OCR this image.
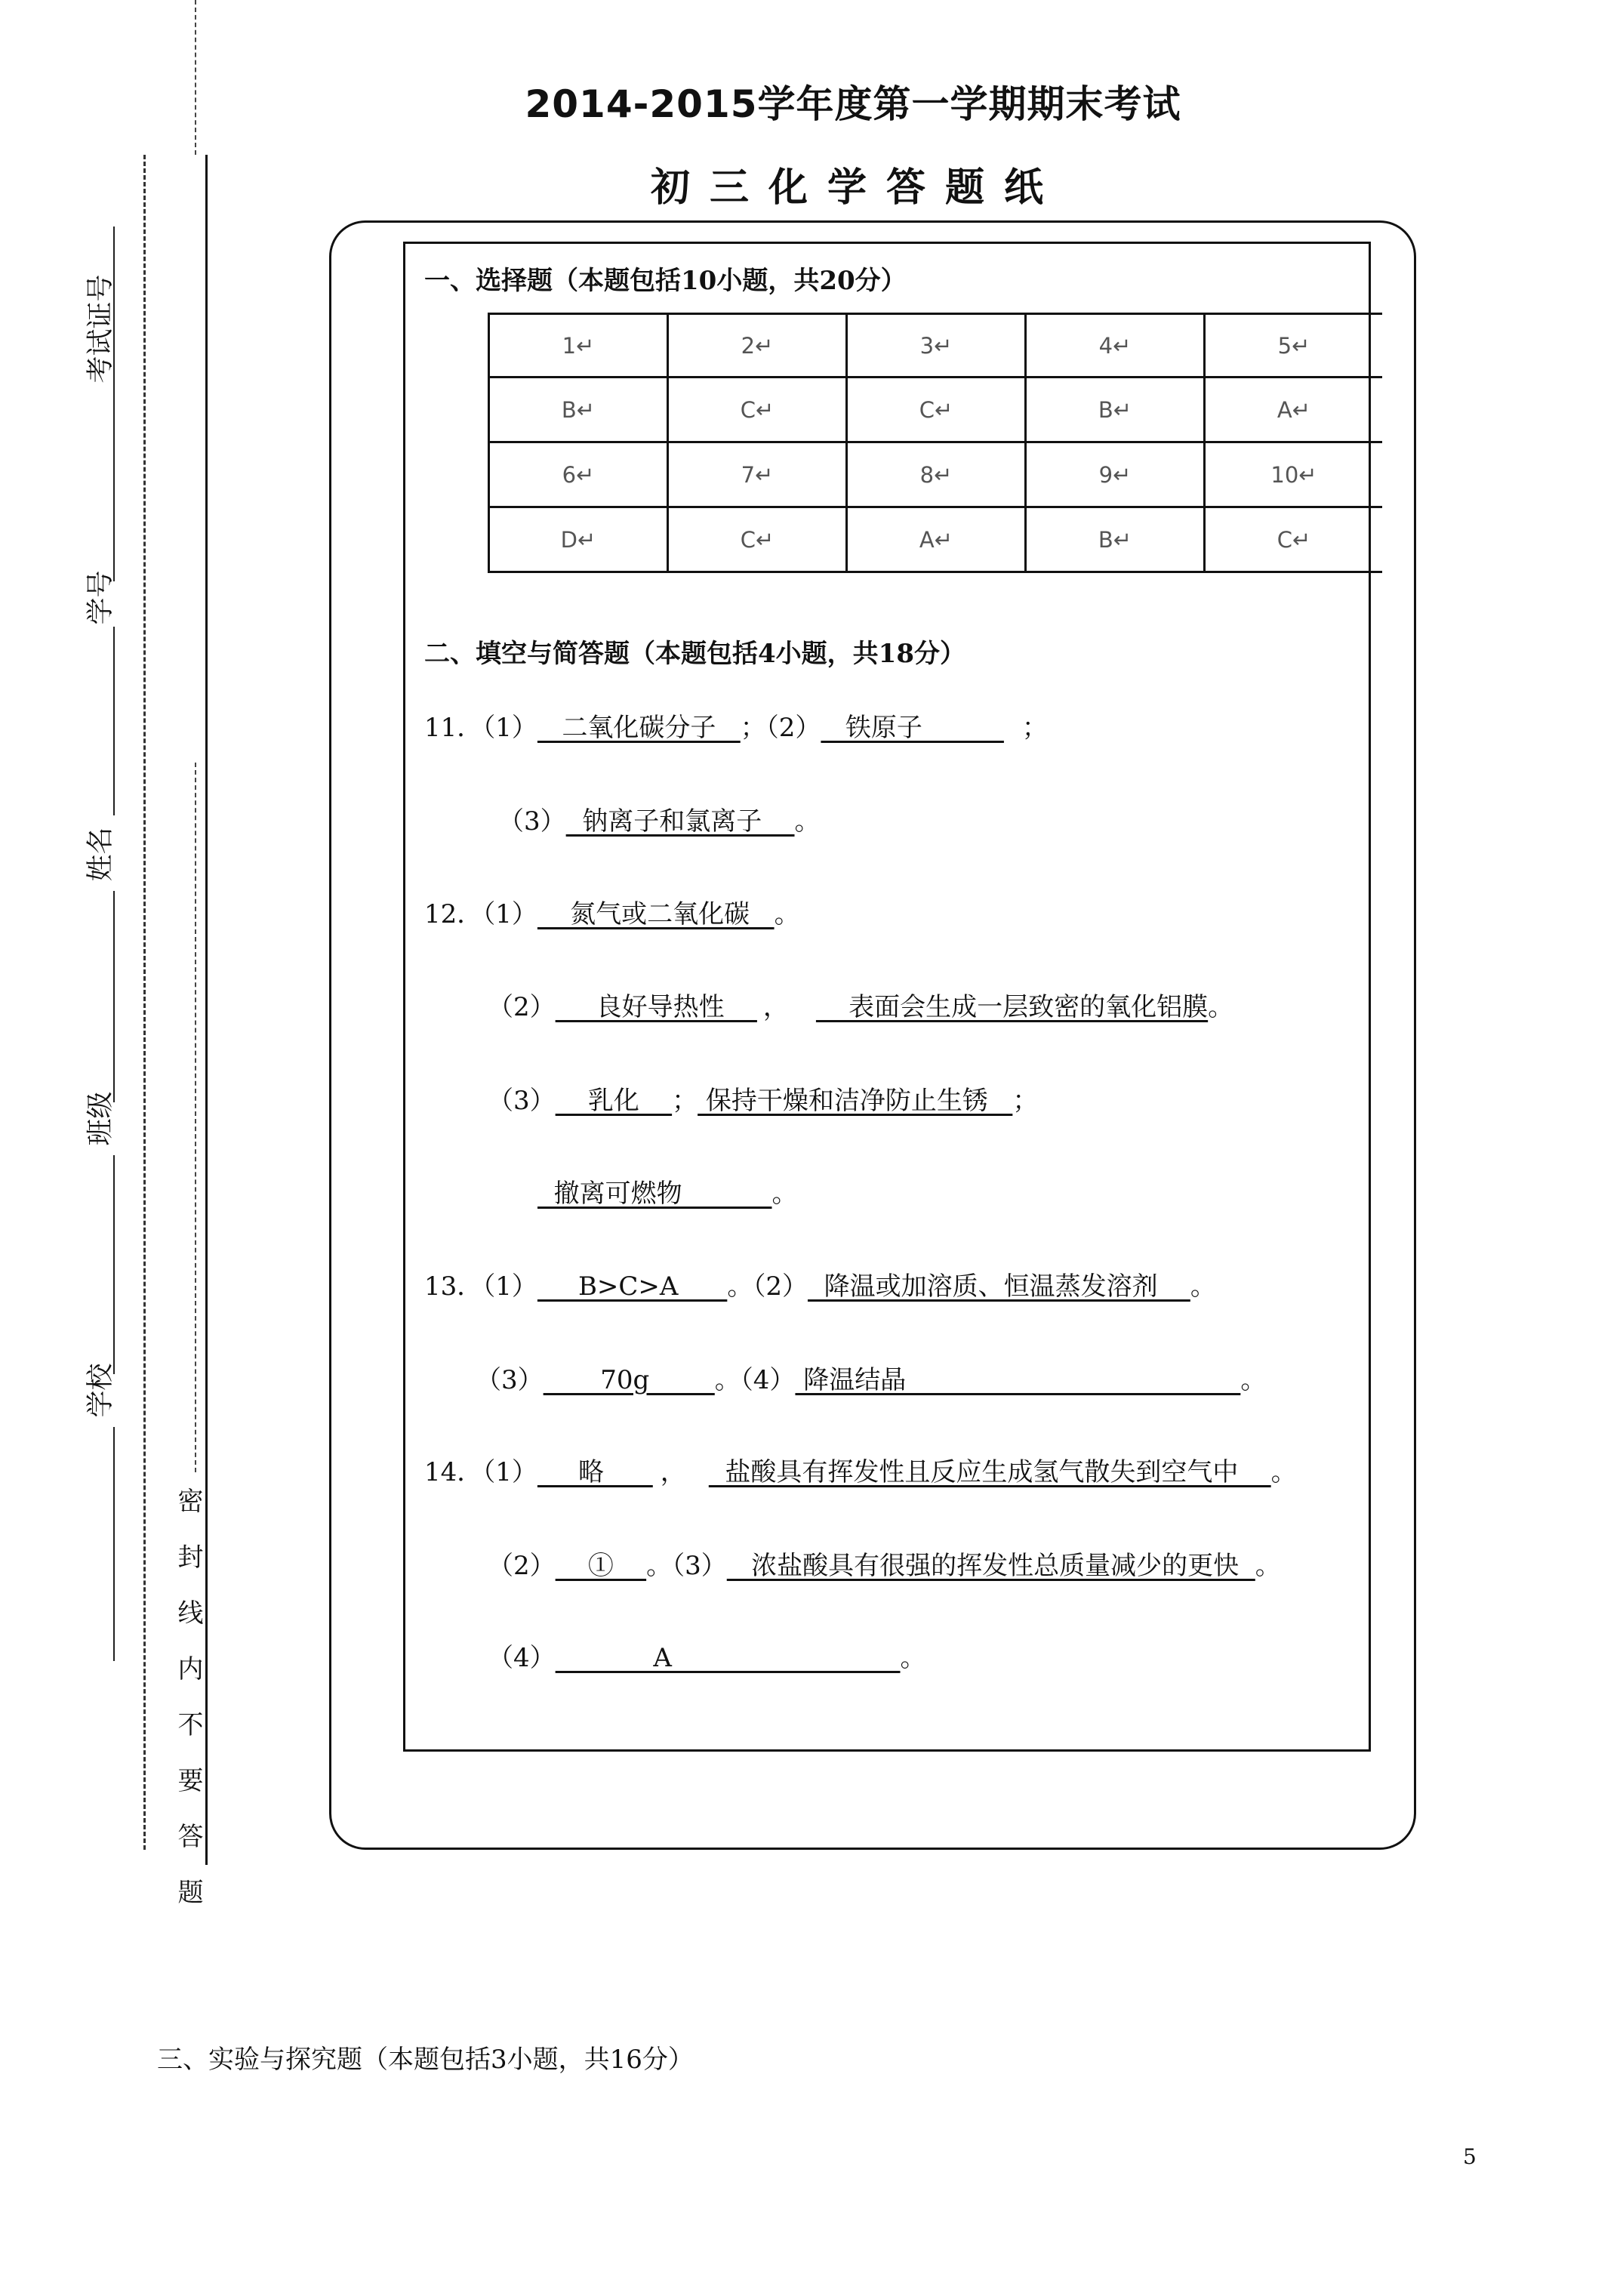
考试证号
学号
姓名
班级
学校
密封线内不要答题
2014-2015学年度第一学期期末考试
初三化学答题纸
一、选择题（本题包括10小题，共20分）
1↵	2↵	3↵	4↵	5↵
B↵	C↵	C↵	B↵	A↵
6↵	7↵	8↵	9↵	10↵
D↵	C↵	A↵	B↵	C↵
二、填空与简答题（本题包括4小题，共18分）
11．（1）   二氧化碳分子   ；（2）   铁原子          ；
（3）  钠离子和氯离子    。
12．（1）    氮气或二氧化碳   。
（2）     良好导热性    ，    表面会生成一层致密的氧化铝膜。
（3）    乳化    ； 保持干燥和洁净防止生锈   ；
撤离可燃物           。
13．（1）     B>C>A      。（2）  降温或加溶质、恒温蒸发溶剂    。
（3）       70g        。（4） 降温结晶                                         。
14．（1）     略      ，  盐酸具有挥发性且反应生成氢气散失到空气中    。
（2）    ①    。（3）   浓盐酸具有很强的挥发性总质量减少的更快  。
（4）            A                            。
三、实验与探究题（本题包括3小题，共16分）
5
